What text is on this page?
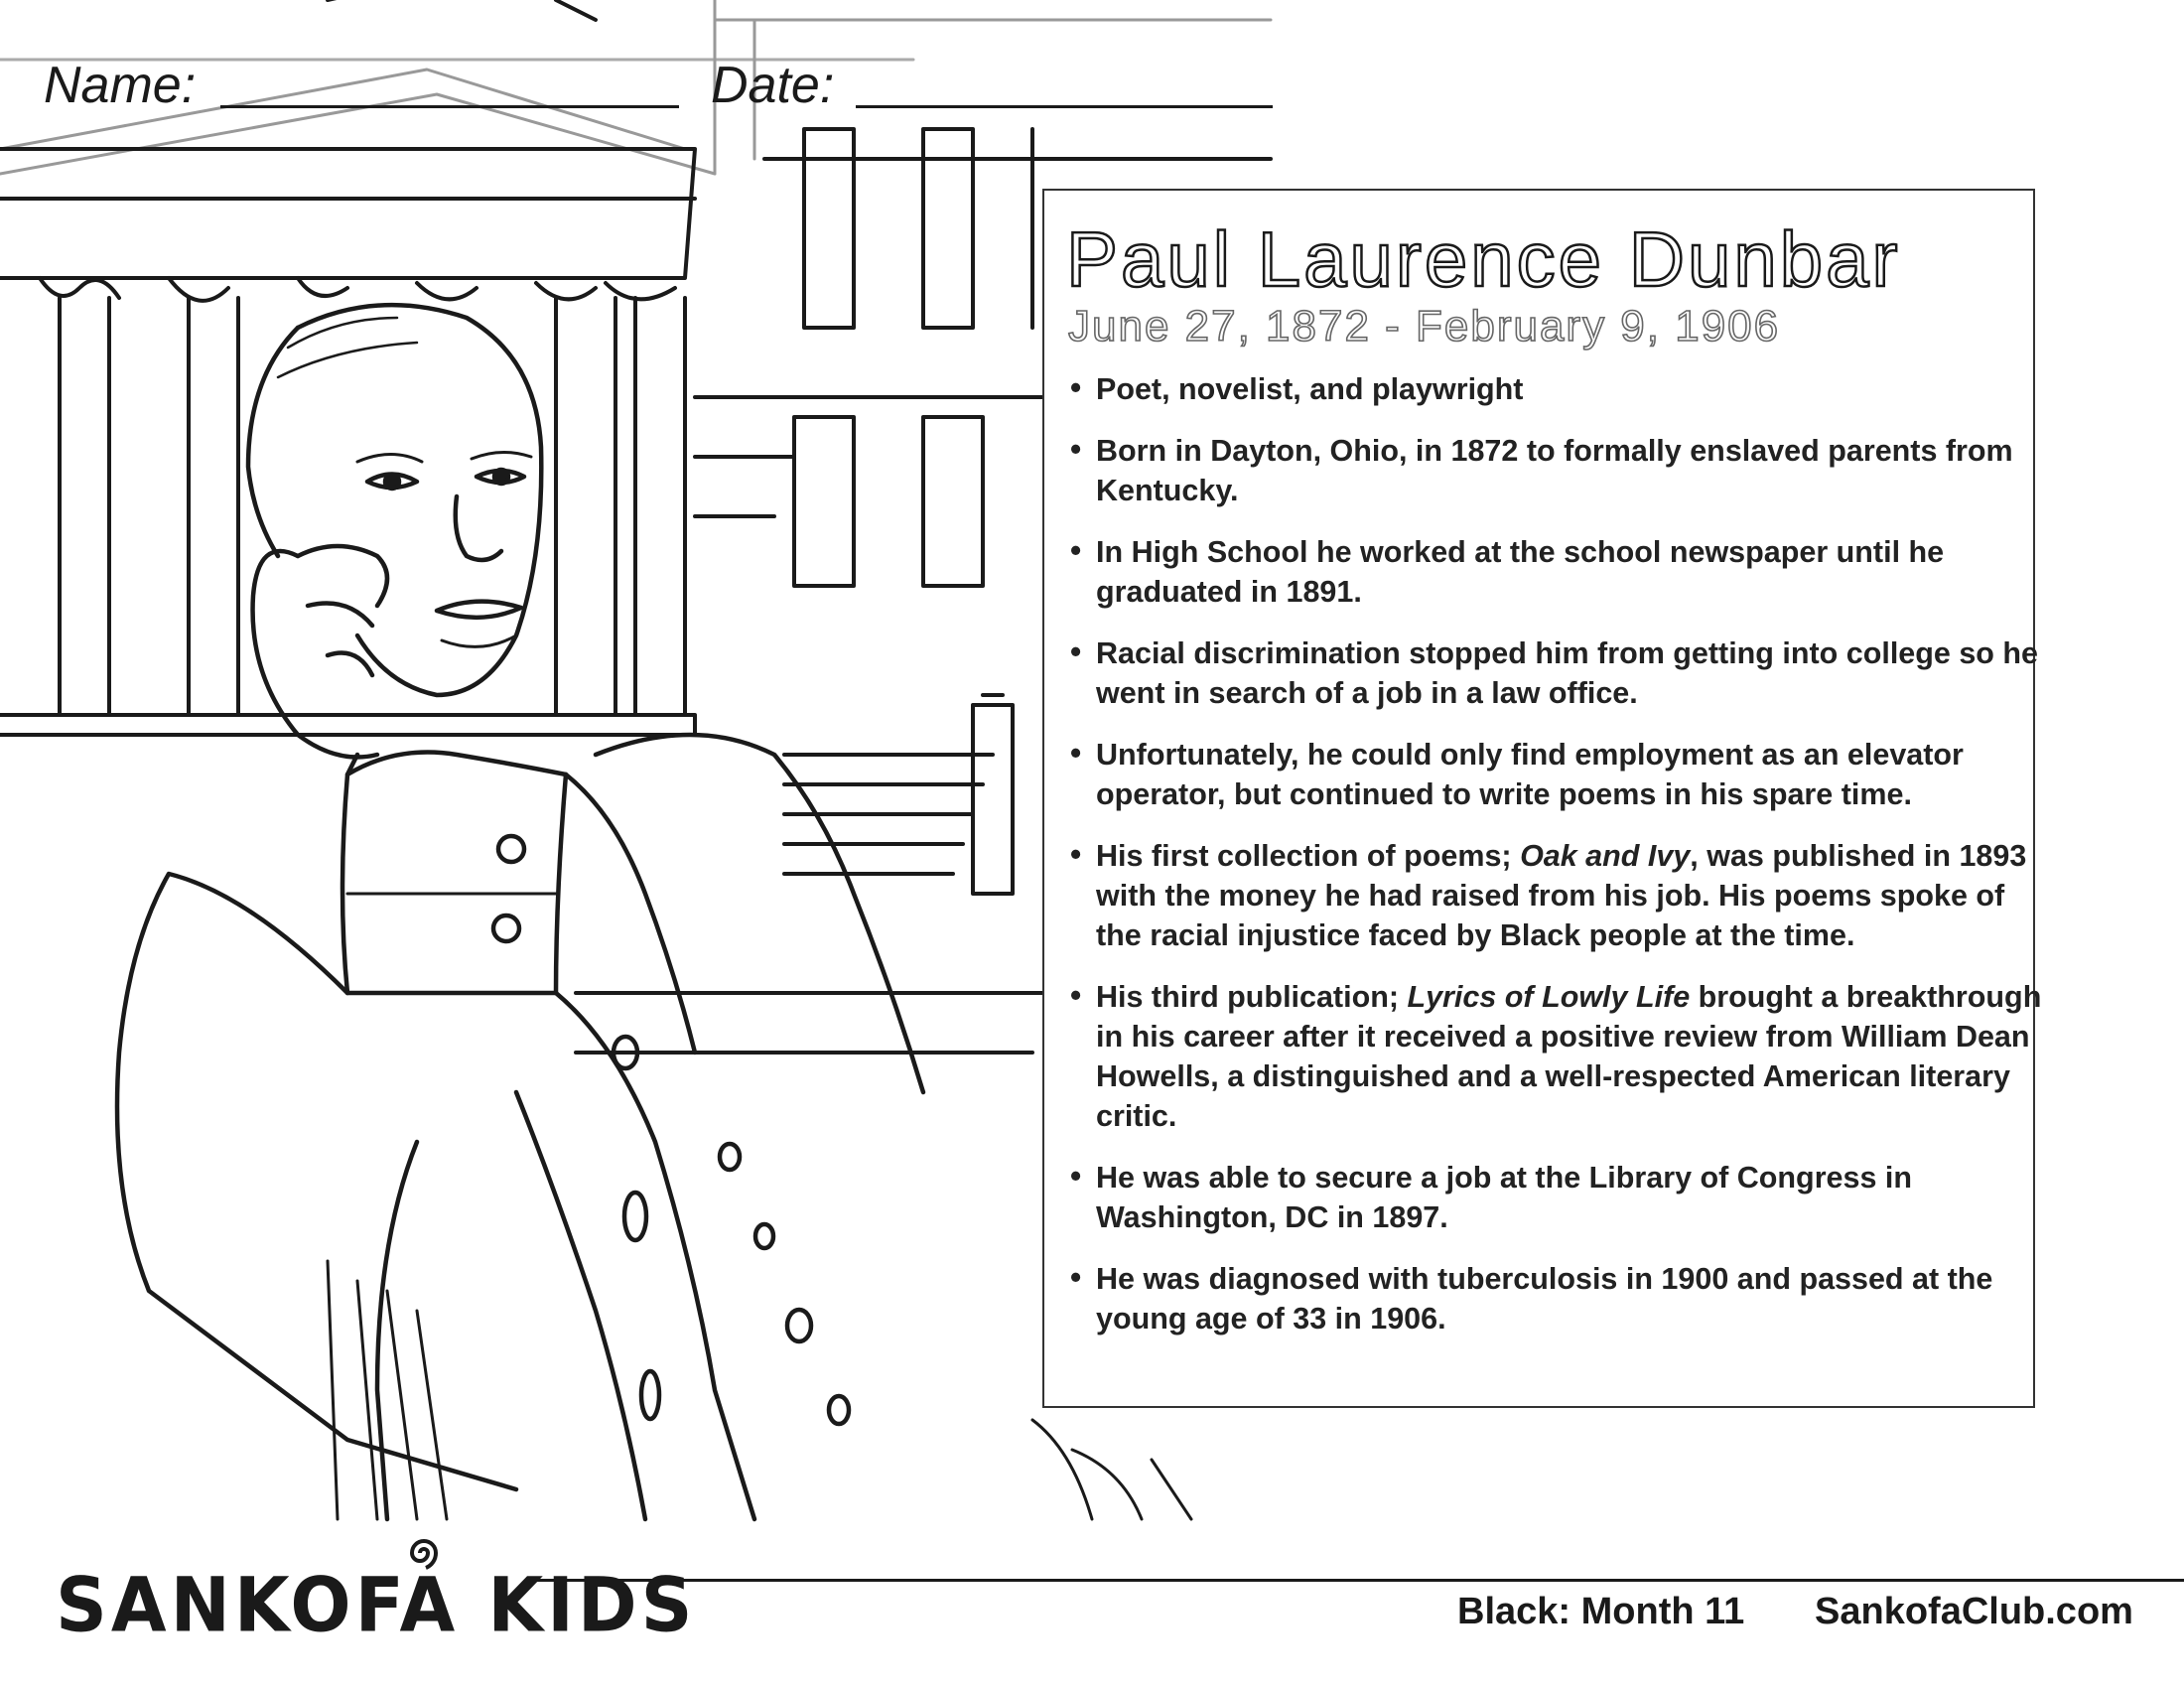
Name:	Date:
Paul Laurence Dunbar
June 27, 1872 - February 9, 1906
• Poet, novelist, and playwright
• Born in Dayton, Ohio, in 1872 to formally enslaved parents from Kentucky.
• In High School he worked at the school newspaper until he graduated in 1891.
• Racial discrimination stopped him from getting into college so he went in search of a job in a law office.
• Unfortunately, he could only find employment as an elevator operator, but continued to write poems in his spare time.
• His first collection of poems; Oak and Ivy, was published in 1893 with the money he had raised from his job. His poems spoke of the racial injustice faced by Black people at the time.
• His third publication; Lyrics of Lowly Life brought a breakthrough in his career after it received a positive review from William Dean Howells, a distinguished and a well-respected American literary critic.
• He was able to secure a job at the Library of Congress in Washington, DC in 1897.
• He was diagnosed with tuberculosis in 1900 and passed at the young age of 33 in 1906.
SANKOFA KIDS	Black: Month 11 SankofaClub.com
